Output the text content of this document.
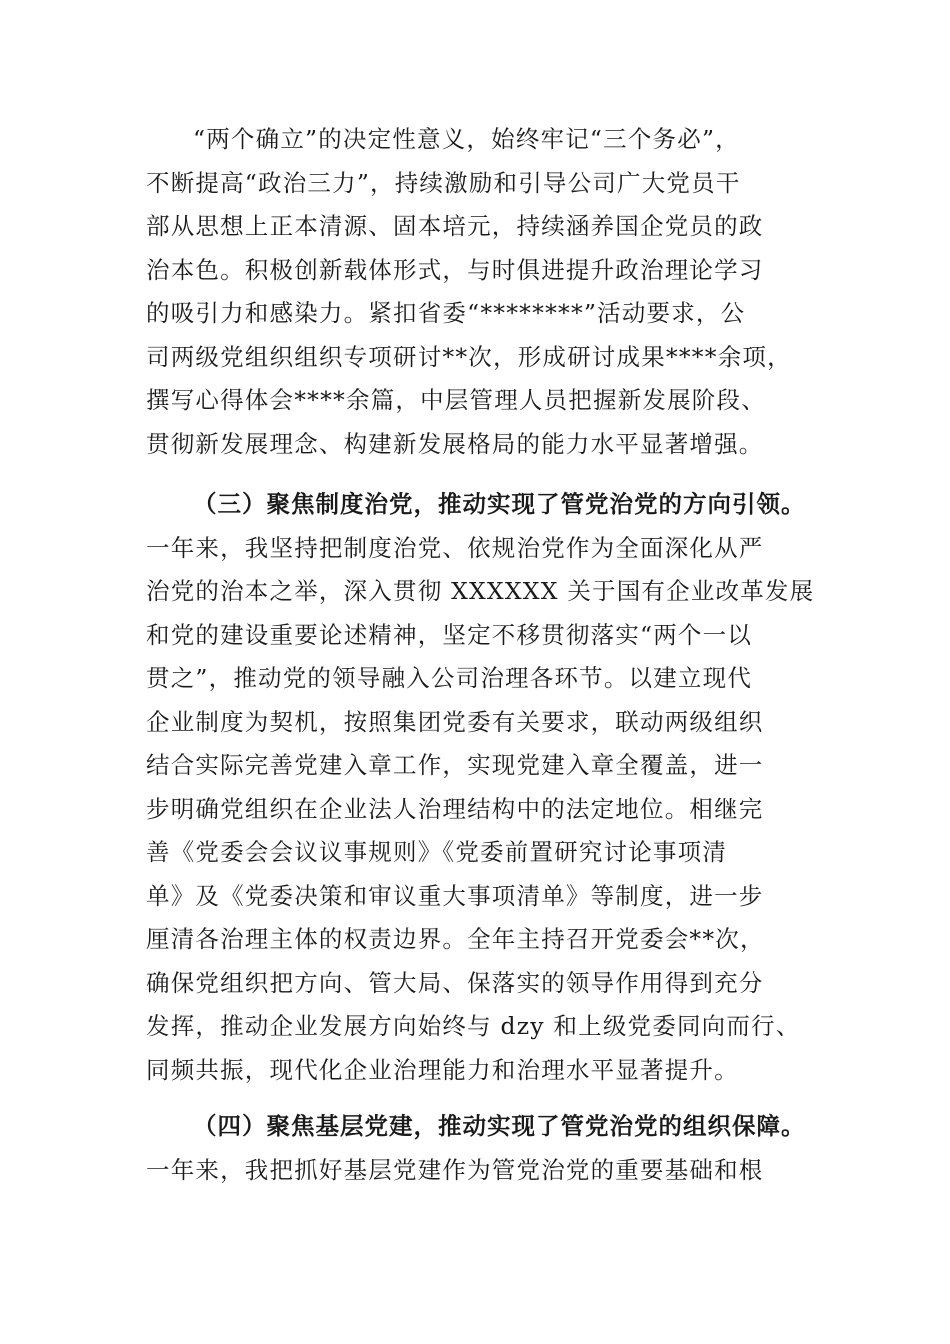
“两个确立”的决定性意义，始终牢记“三个务必”，
不断提高“政治三力”，持续激励和引导公司广大党员干
部从思想上正本清源、固本培元，持续涵养国企党员的政
治本色。积极创新载体形式，与时俱进提升政治理论学习
的吸引力和感染力。紧扣省委“********”活动要求，公
司两级党组织组织专项研讨**次，形成研讨成果****余项，
撰写心得体会****余篇，中层管理人员把握新发展阶段、
贯彻新发展理念、构建新发展格局的能力水平显著增强。
（三）聚焦制度治党，推动实现了管党治党的方向引领。
一年来，我坚持把制度治党、依规治党作为全面深化从严
治党的治本之举，深入贯彻 XXXXXX 关于国有企业改革发展
和党的建设重要论述精神，坚定不移贯彻落实“两个一以
贯之”，推动党的领导融入公司治理各环节。以建立现代
企业制度为契机，按照集团党委有关要求，联动两级组织
结合实际完善党建入章工作，实现党建入章全覆盖，进一
步明确党组织在企业法人治理结构中的法定地位。相继完
善《党委会会议议事规则》《党委前置研究讨论事项清
单》及《党委决策和审议重大事项清单》等制度，进一步
厘清各治理主体的权责边界。全年主持召开党委会**次，
确保党组织把方向、管大局、保落实的领导作用得到充分
发挥，推动企业发展方向始终与 dzy 和上级党委同向而行、
同频共振，现代化企业治理能力和治理水平显著提升。
（四）聚焦基层党建，推动实现了管党治党的组织保障。
一年来，我把抓好基层党建作为管党治党的重要基础和根
